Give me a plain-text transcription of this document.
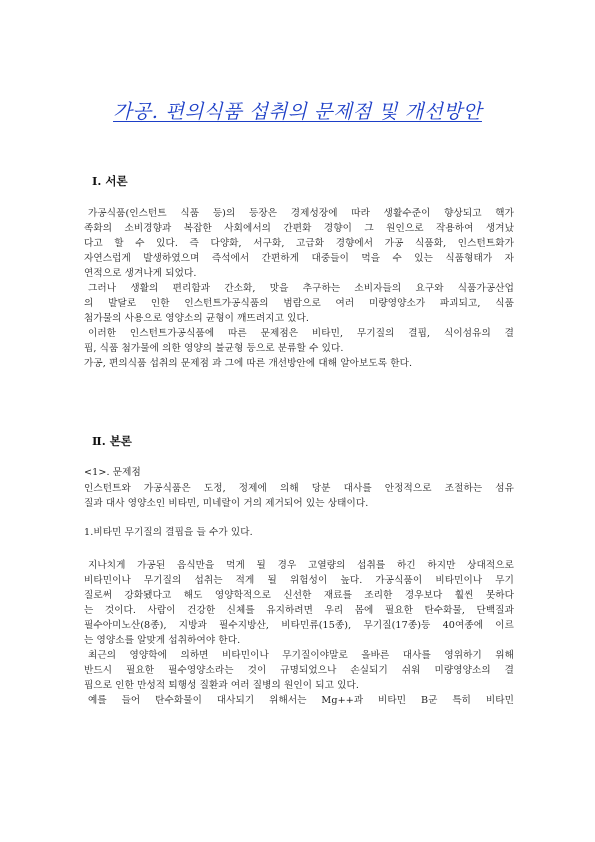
가공. 편의식품 섭취의 문제점 및 개선방안
Ⅰ. 서론
가공식품(인스턴트 식품 등)의 등장은 경제성장에 따라 생활수준이 향상되고 핵가
족화의 소비경향과 복잡한 사회에서의 간편화 경향이 그 원인으로 작용하여 생겨났
다고 할 수 있다. 즉 다양화, 서구화, 고급화 경향에서 가공 식품화, 인스턴트화가
자연스럽게 발생하였으며 즉석에서 간편하게 대중들이 먹을 수 있는 식품형태가 자
연적으로 생겨나게 되었다.
그러나 생활의 편리함과 간소화, 맛을 추구하는 소비자들의 요구와 식품가공산업
의 발달로 인한 인스턴트가공식품의 범람으로 여러 미량영양소가 파괴되고, 식품
첨가물의 사용으로 영양소의 균형이 깨뜨려지고 있다.
이러한 인스턴트가공식품에 따른 문제점은 비타민, 무기질의 결핍, 식이섬유의 결
핍, 식품 첨가물에 의한 영양의 불균형 등으로 분류할 수 있다.
가공, 편의식품 섭취의 문제점 과 그에 따른 개선방안에 대해 알아보도록 한다.
Ⅱ. 본론
<1>. 문제점
인스턴트와 가공식품은 도정, 정제에 의해 당분 대사를 안정적으로 조절하는 섬유
질과 대사 영양소인 비타민, 미네랄이 거의 제거되어 있는 상태이다.
1.비타민 무기질의 결핍을 들 수가 있다.
지나치게 가공된 음식만을 먹게 될 경우 고열량의 섭취를 하긴 하지만 상대적으로
비타민이나 무기질의 섭취는 적게 될 위험성이 높다. 가공식품이 비타민이나 무기
질로써 강화됐다고 해도 영양학적으로 신선한 재료를 조리한 경우보다 훨씬 못하다
는 것이다. 사람이 건강한 신체를 유지하려면 우리 몸에 필요한 탄수화물, 단백질과
필수아미노산(8종), 지방과 필수지방산, 비타민류(15종), 무기질(17종)등 40여종에 이르
는 영양소를 알맞게 섭취하여야 한다.
최근의 영양학에 의하면 비타민이나 무기질이야말로 올바른 대사를 영위하기 위해
반드시 필요한 필수영양소라는 것이 규명되었으나 손실되기 쉬워 미량영양소의 결
핍으로 인한 만성적 퇴행성 질환과 여러 질병의 원인이 되고 있다.
예를 들어 탄수화물이 대사되기 위해서는 Mg++과 비타민 B군 특히 비타민
